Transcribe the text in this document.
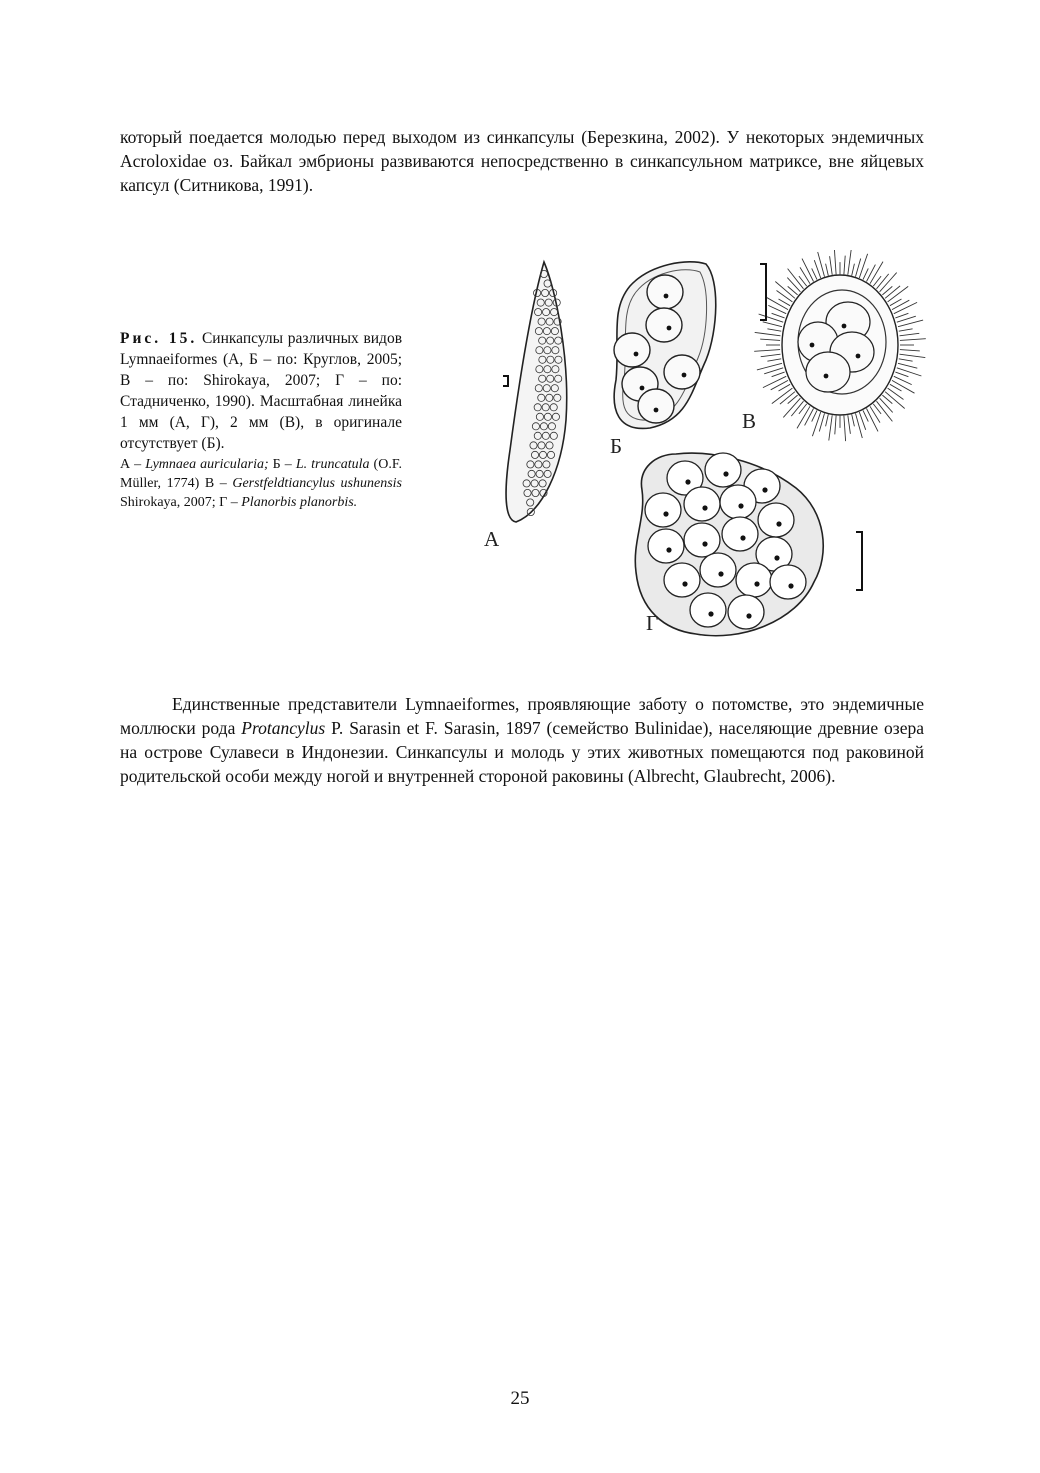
который поедается молодью перед выходом из синкапсулы (Березкина, 2002). У некоторых эндемичных Acroloxidae оз. Байкал эмбрионы развиваются непосредственно в синкапсульном матриксе, вне яйцевых капсул (Ситникова, 1991).

Рис. 15. Синкапсулы различных видов Lymnaeiformes (А, Б – по: Круглов, 2005; В – по: Shirokaya, 2007; Г – по: Стадниченко, 1990). Масштабная линейка 1 мм (А, Г), 2 мм (В), в оригинале отсутствует (Б).
А – Lymnaea auricularia; Б – L. truncatula (O.F. Müller, 1774) В – Gerstfeldtiancylus ushunensis Shirokaya, 2007; Г – Planorbis planorbis.
А
Б
В
Г

Единственные представители Lymnaeiformes, проявляющие заботу о потомстве, это эндемичные моллюски рода Protancylus P. Sarasin et F. Sarasin, 1897 (семейство Bulinidae), населяющие древние озера на острове Сулавеси в Индонезии. Синкапсулы и молодь у этих животных помещаются под раковиной родительской особи между ногой и внутренней стороной раковины (Albrecht, Glaubrecht, 2006).

25
